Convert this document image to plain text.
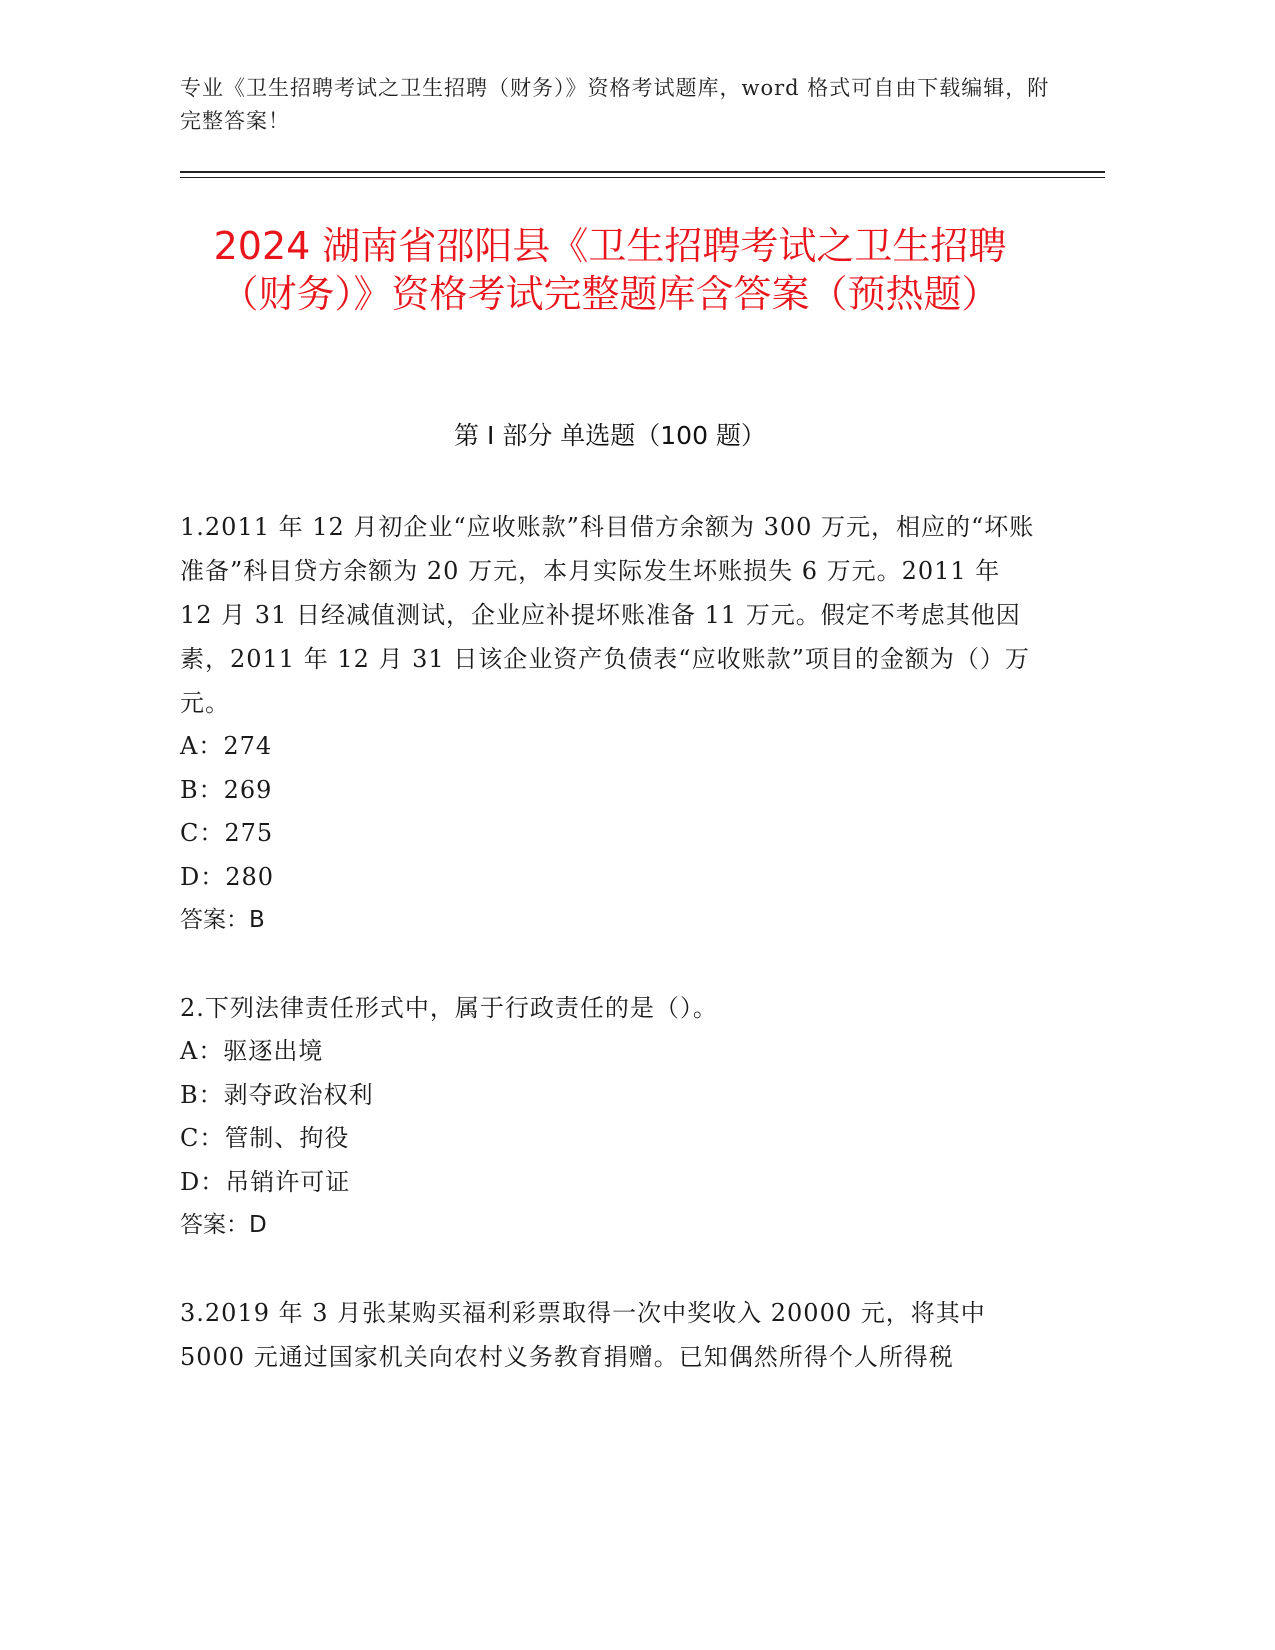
专业《卫生招聘考试之卫生招聘（财务）》资格考试题库，word 格式可自由下载编辑，附完整答案！
2024 湖南省邵阳县《卫生招聘考试之卫生招聘（财务）》资格考试完整题库含答案（预热题）
第 I 部分 单选题（100 题）

1.2011 年 12 月初企业“应收账款”科目借方余额为 300 万元，相应的“坏账准备”科目贷方余额为 20 万元，本月实际发生坏账损失 6 万元。2011 年 12 月 31 日经减值测试，企业应补提坏账准备 11 万元。假定不考虑其他因素，2011 年 12 月 31 日该企业资产负债表“应收账款”项目的金额为（）万元。

A：274

B：269

C：275

D：280

答案：B

2.下列法律责任形式中，属于行政责任的是（）。

A：驱逐出境

B：剥夺政治权利

C：管制、拘役

D：吊销许可证

答案：D

3.2019 年 3 月张某购买福利彩票取得一次中奖收入 20000 元，将其中 5000 元通过国家机关向农村义务教育捐赠。已知偶然所得个人所得税
